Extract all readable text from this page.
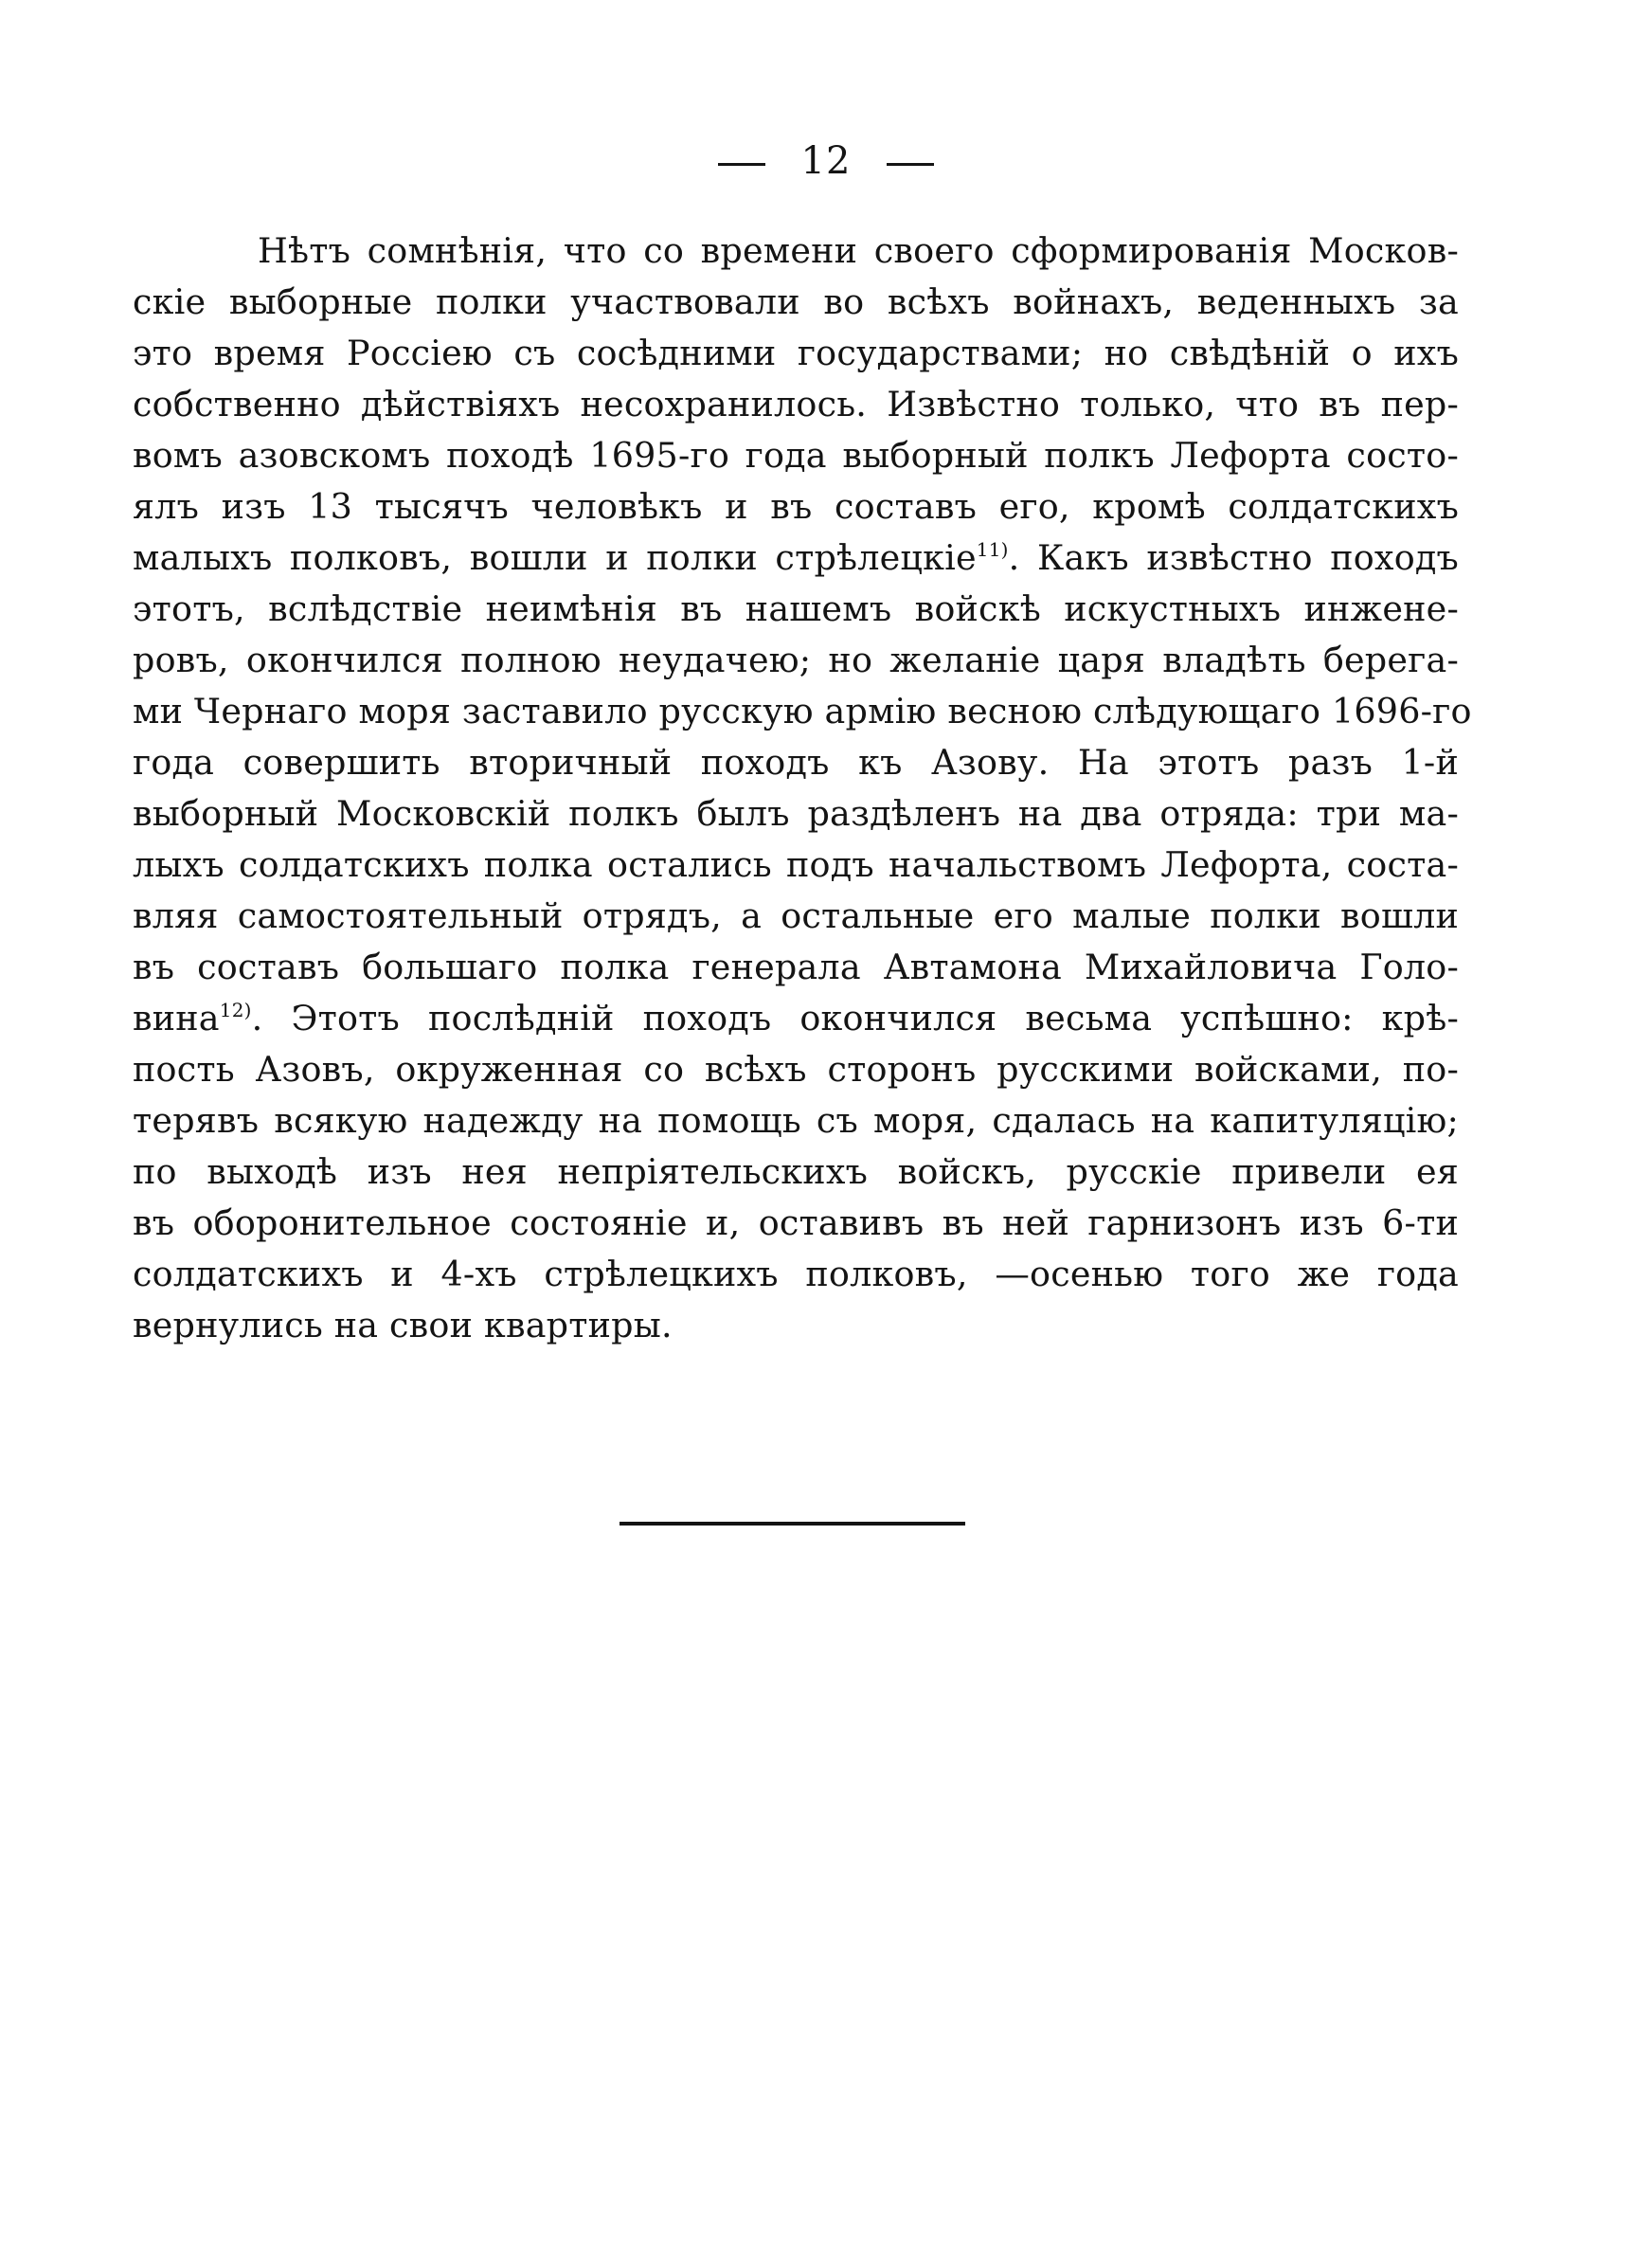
12
Нѣтъ сомнѣнія, что со времени своего сформированія Москов-
скіе выборные полки участвовали во всѣхъ войнахъ, веденныхъ за
это время Россіею съ сосѣдними государствами; но свѣдѣній о ихъ
собственно дѣйствіяхъ несохранилось. Извѣстно только, что въ пер-
вомъ азовскомъ походѣ 1695-го года выборный полкъ Лефорта состо-
ялъ изъ 13 тысячъ человѣкъ и въ составъ его, кромѣ солдатскихъ
малыхъ полковъ, вошли и полки стрѣлецкіе$^{11)}$. Какъ извѣстно походъ
этотъ, вслѣдствіе неимѣнія въ нашемъ войскѣ искустныхъ инжене-
ровъ, окончился полною неудачею; но желаніе царя владѣть берега-
ми Чернаго моря заставило русскую армію весною слѣдующаго 1696-го
года совершить вторичный походъ къ Азову. На этотъ разъ 1-й
выборный Московскій полкъ былъ раздѣленъ на два отряда: три ма-
лыхъ солдатскихъ полка остались подъ начальствомъ Лефорта, соста-
вляя самостоятельный отрядъ, а остальные его малые полки вошли
въ составъ большаго полка генерала Автамона Михайловича Голо-
вина$^{12)}$. Этотъ послѣдній походъ окончился весьма успѣшно: крѣ-
пость Азовъ, окруженная со всѣхъ сторонъ русскими войсками, по-
терявъ всякую надежду на помощь съ моря, сдалась на капитуляцію;
по выходѣ изъ нея непріятельскихъ войскъ, русскіе привели ея
въ оборонительное состояніе и, оставивъ въ ней гарнизонъ изъ 6-ти
солдатскихъ и 4-хъ стрѣлецкихъ полковъ, —осенью того же года
вернулись на свои квартиры.
